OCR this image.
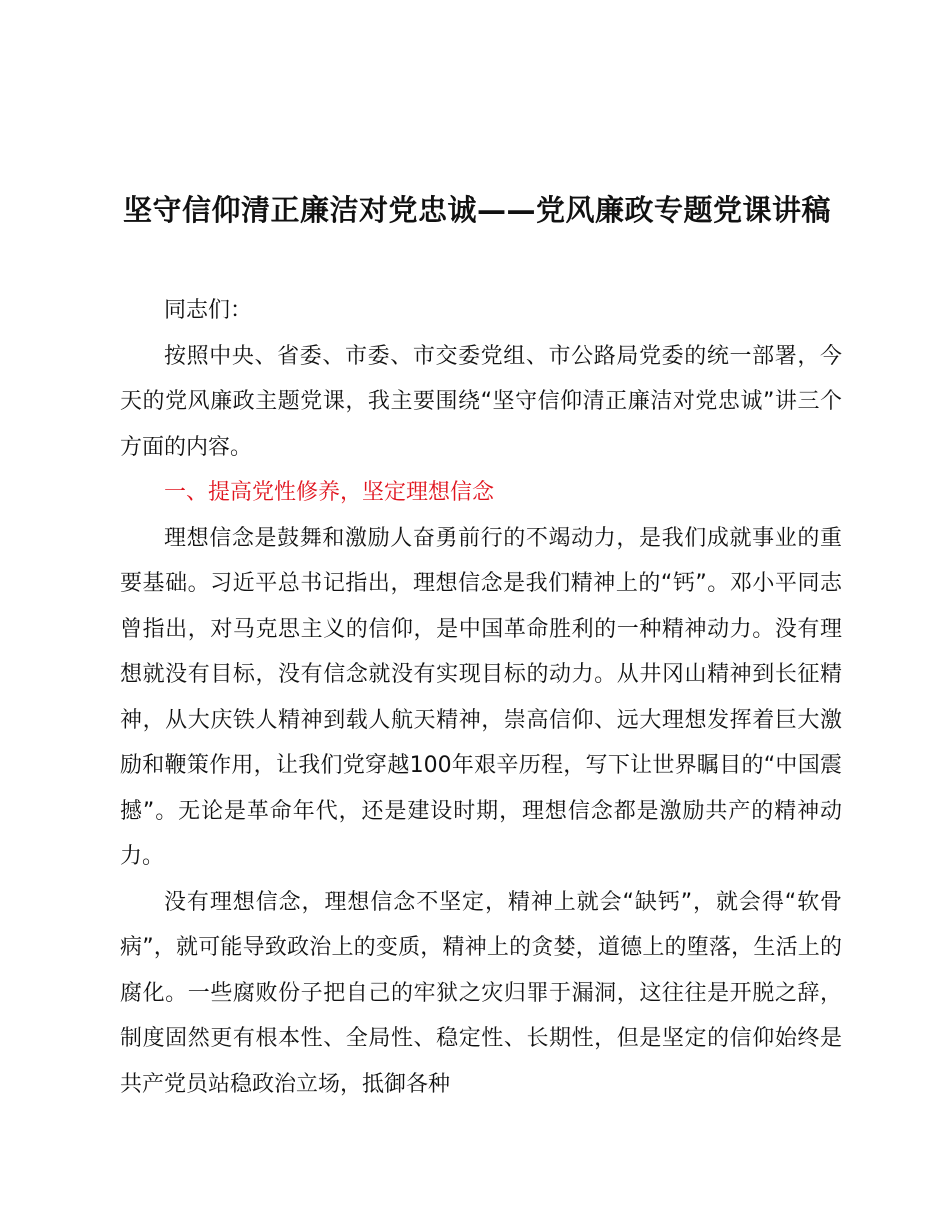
坚守信仰清正廉洁对党忠诚——党风廉政专题党课讲稿

同志们：

按照中央、省委、市委、市交委党组、市公路局党委的统一部署，今天的党风廉政主题党课，我主要围绕“坚守信仰清正廉洁对党忠诚”讲三个方面的内容。

一、提高党性修养，坚定理想信念

理想信念是鼓舞和激励人奋勇前行的不竭动力，是我们成就事业的重要基础。习近平总书记指出，理想信念是我们精神上的“钙”。邓小平同志曾指出，对马克思主义的信仰，是中国革命胜利的一种精神动力。没有理想就没有目标，没有信念就没有实现目标的动力。从井冈山精神到长征精神，从大庆铁人精神到载人航天精神，崇高信仰、远大理想发挥着巨大激励和鞭策作用，让我们党穿越100年艰辛历程，写下让世界瞩目的“中国震撼”。无论是革命年代，还是建设时期，理想信念都是激励共产的精神动力。

没有理想信念，理想信念不坚定，精神上就会“缺钙”，就会得“软骨病”，就可能导致政治上的变质，精神上的贪婪，道德上的堕落，生活上的腐化。一些腐败份子把自己的牢狱之灾归罪于漏洞，这往往是开脱之辞，制度固然更有根本性、全局性、稳定性、长期性，但是坚定的信仰始终是共产党员站稳政治立场，抵御各种
